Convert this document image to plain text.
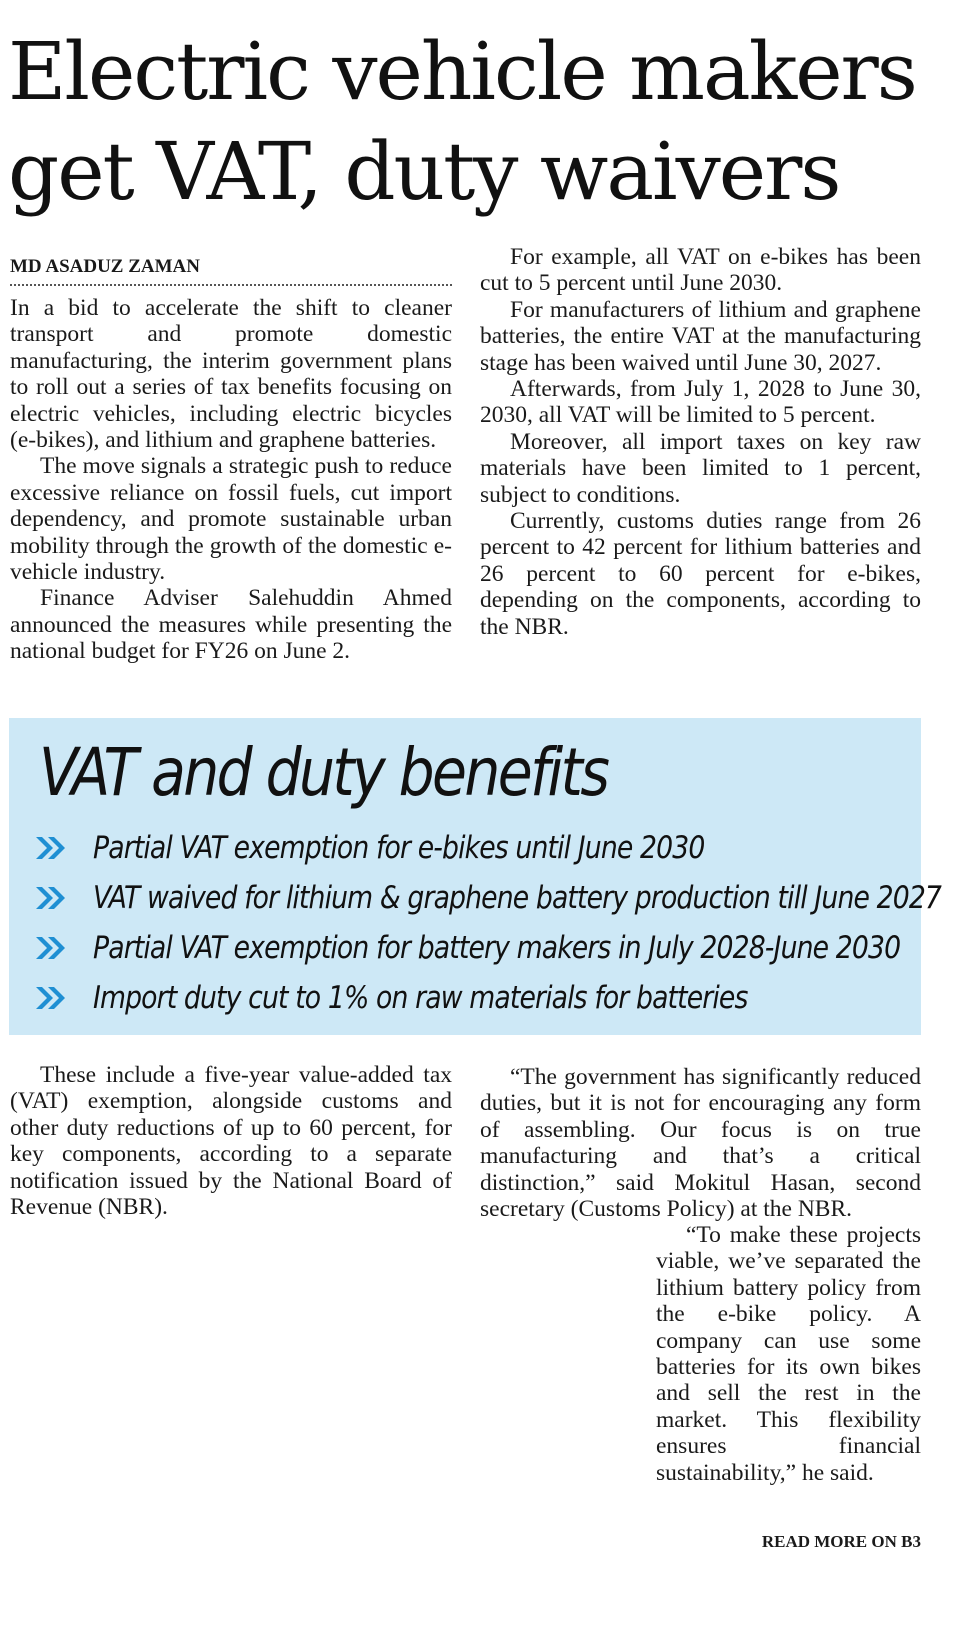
Electric vehicle makers
get VAT, duty waivers

MD ASADUZ ZAMAN

In a bid to accelerate the shift to cleaner transport and promote domestic manufacturing, the interim government plans to roll out a series of tax benefits focusing on electric vehicles, including electric bicycles (e-bikes), and lithium and graphene batteries.

The move signals a strategic push to reduce excessive reliance on fossil fuels, cut import dependency, and promote sustainable urban mobility through the growth of the domestic e-vehicle industry.

Finance Adviser Salehuddin Ahmed announced the measures while presenting the national budget for FY26 on June 2.

For example, all VAT on e-bikes has been cut to 5 percent until June 2030.

For manufacturers of lithium and graphene batteries, the entire VAT at the manufacturing stage has been waived until June 30, 2027.

Afterwards, from July 1, 2028 to June 30, 2030, all VAT will be limited to 5 percent.

Moreover, all import taxes on key raw materials have been limited to 1 percent, subject to conditions.

Currently, customs duties range from 26 percent to 42 percent for lithium batteries and 26 percent to 60 percent for e-bikes, depending on the components, according to the NBR.

VAT and duty benefits
Partial VAT exemption for e-bikes until June 2030
VAT waived for lithium & graphene battery production till June 2027
Partial VAT exemption for battery makers in July 2028-June 2030
Import duty cut to 1% on raw materials for batteries

These include a five-year value-added tax (VAT) exemption, alongside customs and other duty reductions of up to 60 percent, for key components, according to a separate notification issued by the National Board of Revenue (NBR).

“The government has significantly reduced duties, but it is not for encouraging any form of assembling. Our focus is on true manufacturing and that’s a critical distinction,” said Mokitul Hasan, second secretary (Customs Policy) at the NBR.

“To make these projects viable, we’ve separated the lithium battery policy from the e-bike policy. A company can use some batteries for its own bikes and sell the rest in the market. This flexibility ensures financial sustainability,” he said.

READ MORE ON B3
